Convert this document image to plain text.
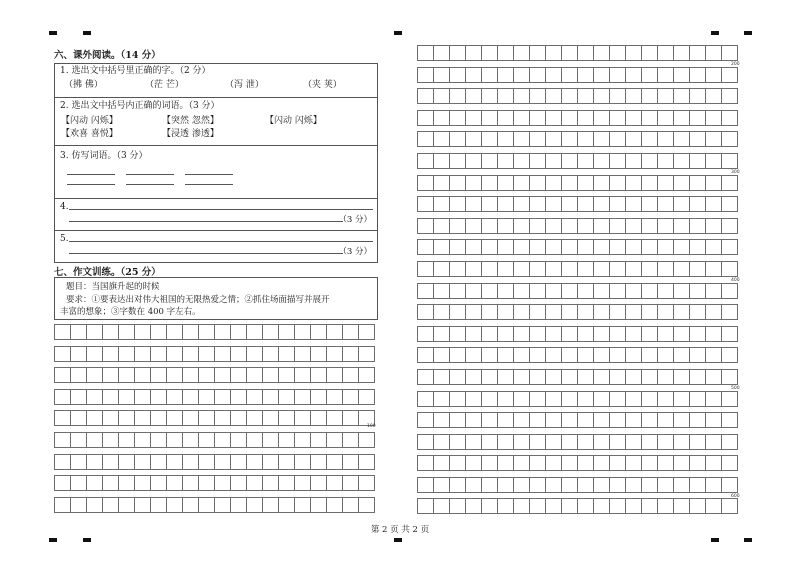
六、课外阅读。（14 分）
1. 选出文中括号里正确的字。（2 分）
（拂 佛）	（茫 芒）	（泻 泄）	（夹 荚）
2. 选出文中括号内正确的词语。（3 分）
【闪动 闪烁】	【突然 忽然】	【闪动 闪烁】
【欢喜 喜悦】	【浸透 渗透】
3. 仿写词语。（3 分）
4.
（3 分）
5.
（3 分）
七、作文训练。（25 分）
题目：当国旗升起的时候
要求：①要表达出对伟大祖国的无限热爱之情；②抓住场面描写并展开
丰富的想象；③字数在 400 字左右。
100
200
300
400
500
600
第 2 页 共 2 页
